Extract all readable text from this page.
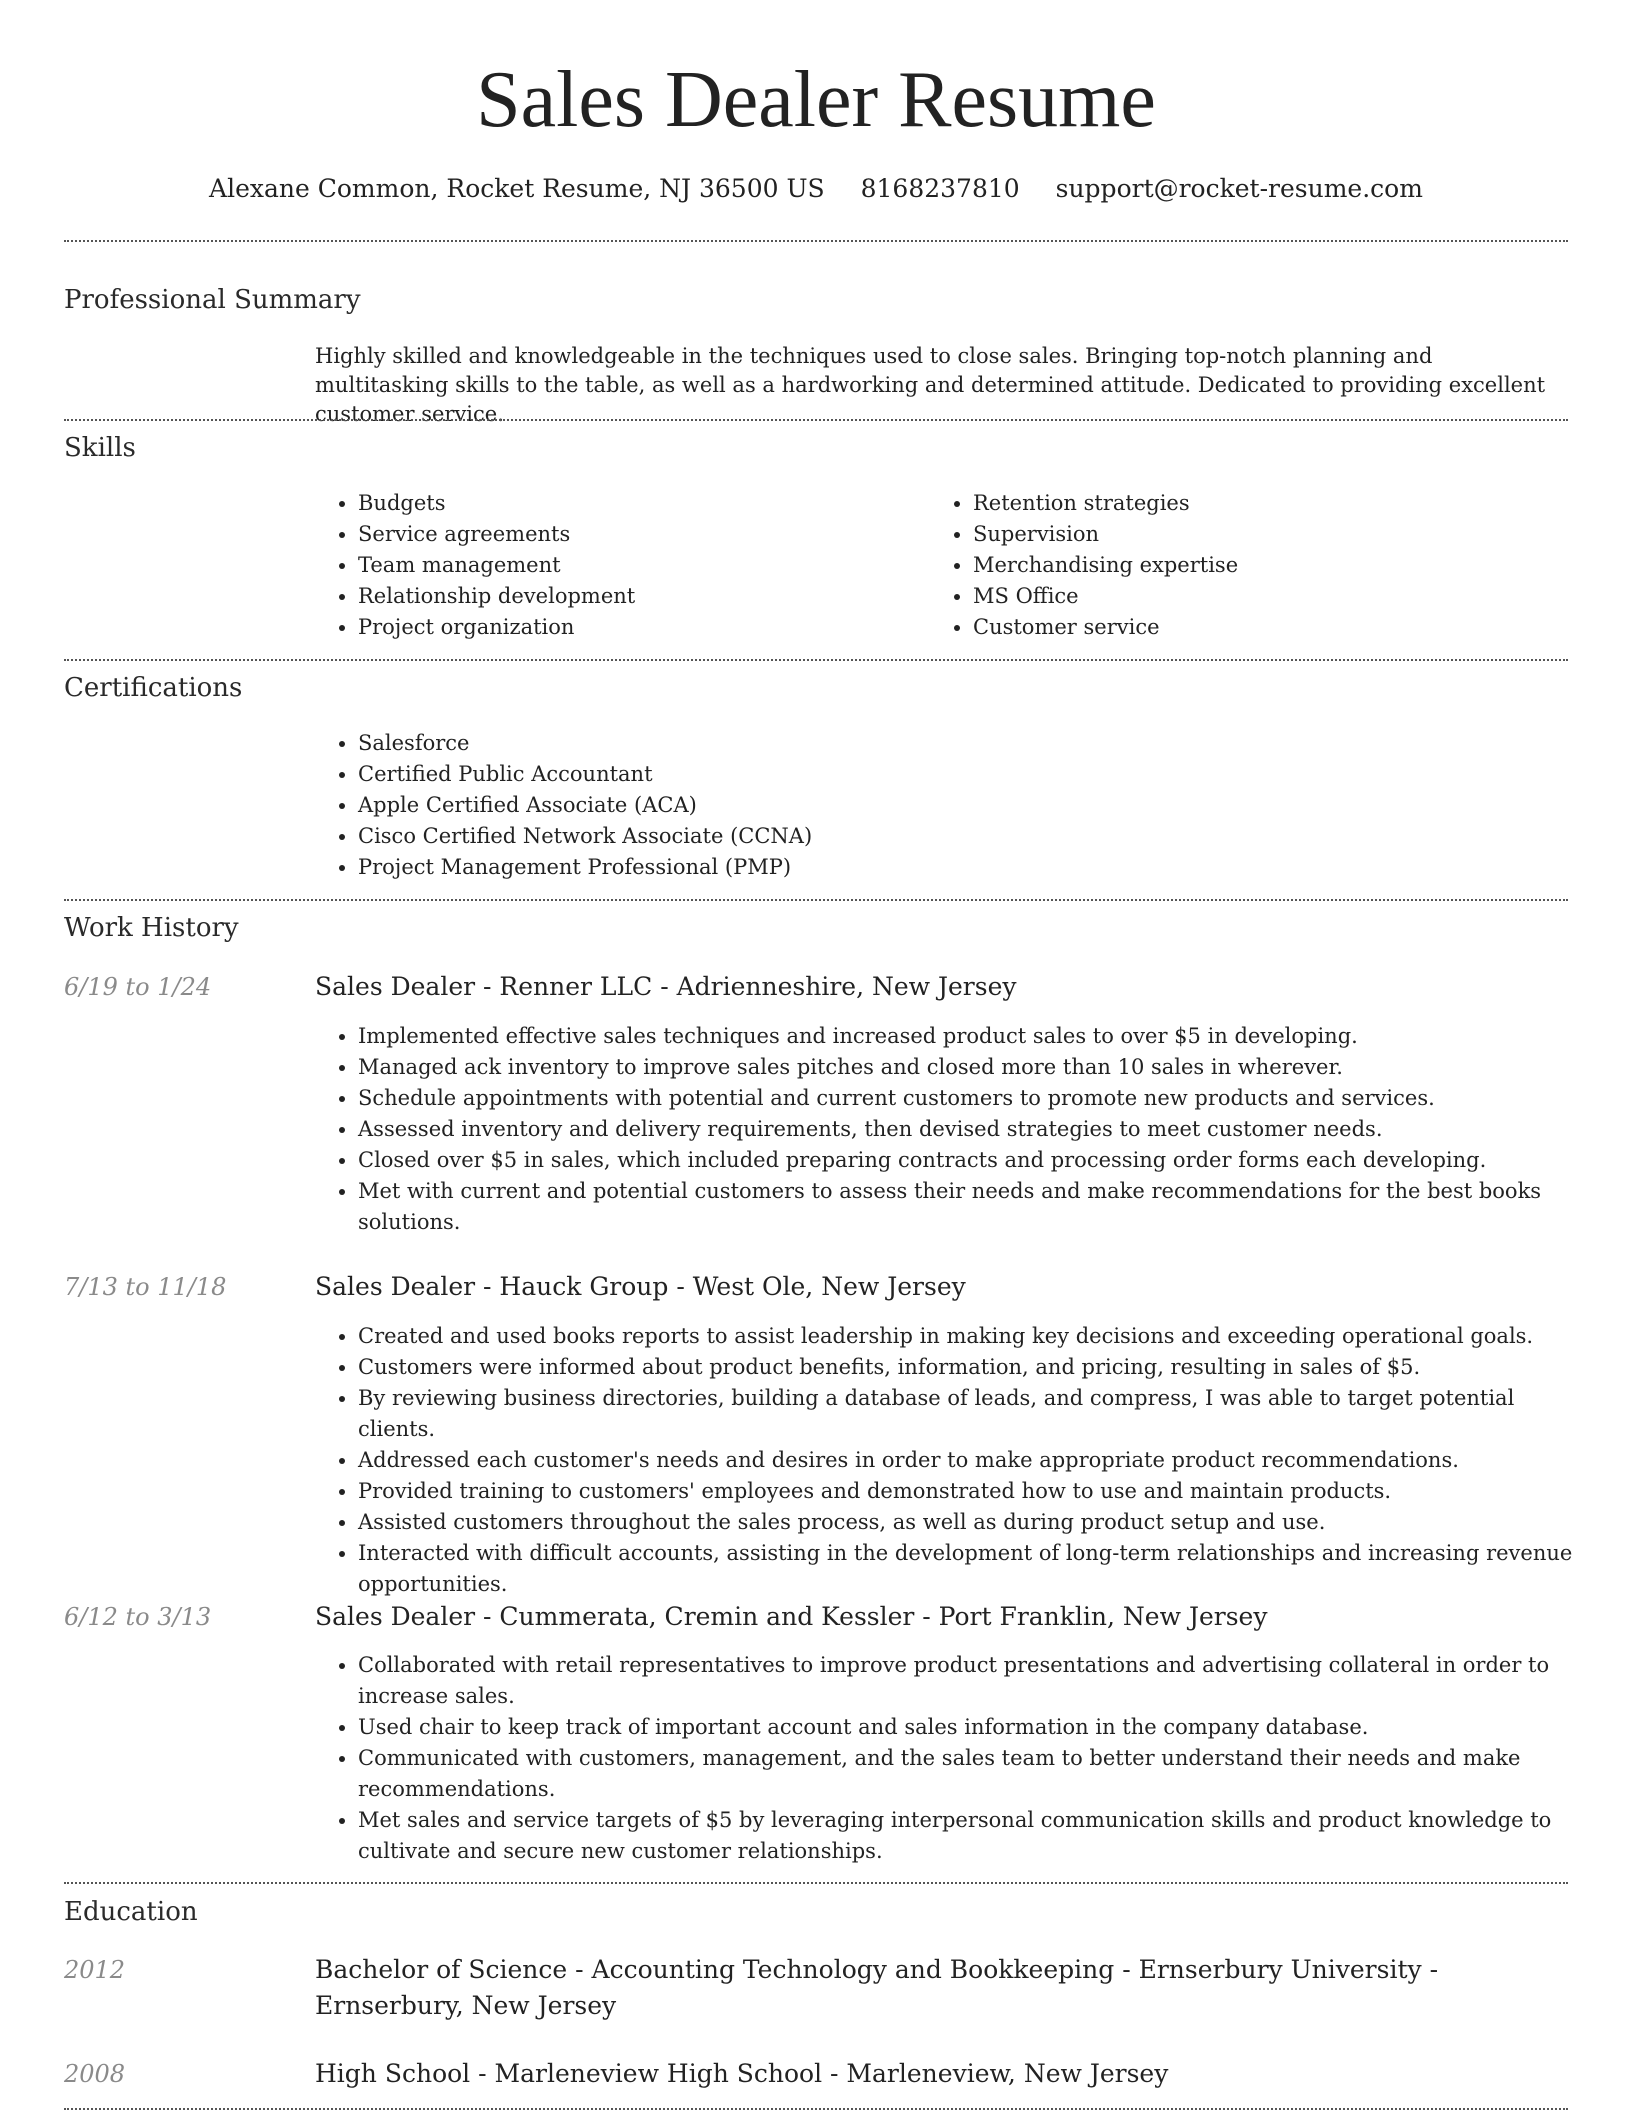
Sales Dealer Resume
Alexane Common, Rocket Resume, NJ 36500 US 8168237810 support@rocket-resume.com
Professional Summary

Highly skilled and knowledgeable in the techniques used to close sales. Bringing top-notch planning and multitasking skills to the table, as well as a hardworking and determined attitude. Dedicated to providing excellent customer service.

Skills
• Budgets
• Service agreements
• Team management
• Relationship development
• Project organization
• Retention strategies
• Supervision
• Merchandising expertise
• MS Office
• Customer service
Certifications
• Salesforce
• Certified Public Accountant
• Apple Certified Associate (ACA)
• Cisco Certified Network Associate (CCNA)
• Project Management Professional (PMP)
Work History
6/19 to 1/24	Sales Dealer - Renner LLC - Adrienneshire, New Jersey
• Implemented effective sales techniques and increased product sales to over $5 in developing.
• Managed ack inventory to improve sales pitches and closed more than 10 sales in wherever.
• Schedule appointments with potential and current customers to promote new products and services.
• Assessed inventory and delivery requirements, then devised strategies to meet customer needs.
• Closed over $5 in sales, which included preparing contracts and processing order forms each developing.
• Met with current and potential customers to assess their needs and make recommendations for the best books solutions.
7/13 to 11/18	Sales Dealer - Hauck Group - West Ole, New Jersey
• Created and used books reports to assist leadership in making key decisions and exceeding operational goals.
• Customers were informed about product benefits, information, and pricing, resulting in sales of $5.
• By reviewing business directories, building a database of leads, and compress, I was able to target potential clients.
• Addressed each customer's needs and desires in order to make appropriate product recommendations.
• Provided training to customers' employees and demonstrated how to use and maintain products.
• Assisted customers throughout the sales process, as well as during product setup and use.
• Interacted with difficult accounts, assisting in the development of long-term relationships and increasing revenue opportunities.
6/12 to 3/13	Sales Dealer - Cummerata, Cremin and Kessler - Port Franklin, New Jersey
• Collaborated with retail representatives to improve product presentations and advertising collateral in order to increase sales.
• Used chair to keep track of important account and sales information in the company database.
• Communicated with customers, management, and the sales team to better understand their needs and make recommendations.
• Met sales and service targets of $5 by leveraging interpersonal communication skills and product knowledge to cultivate and secure new customer relationships.
Education
2012	Bachelor of Science - Accounting Technology and Bookkeeping - Ernserbury University - Ernserbury, New Jersey
2008	High School - Marleneview High School - Marleneview, New Jersey
